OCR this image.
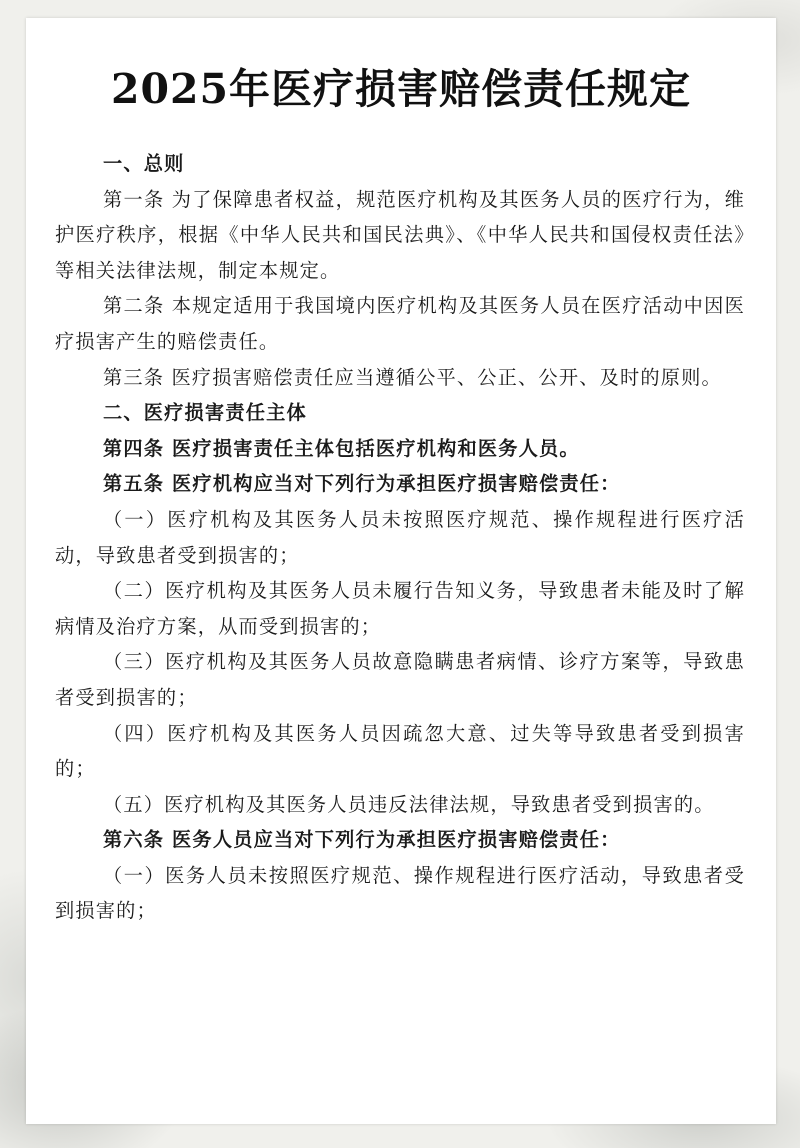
2025年医疗损害赔偿责任规定

一、总则

第一条 为了保障患者权益，规范医疗机构及其医务人员的医疗行为，维护医疗秩序，根据《中华人民共和国民法典》、《中华人民共和国侵权责任法》等相关法律法规，制定本规定。

第二条 本规定适用于我国境内医疗机构及其医务人员在医疗活动中因医疗损害产生的赔偿责任。

第三条 医疗损害赔偿责任应当遵循公平、公正、公开、及时的原则。

二、医疗损害责任主体

第四条 医疗损害责任主体包括医疗机构和医务人员。

第五条 医疗机构应当对下列行为承担医疗损害赔偿责任：

（一）医疗机构及其医务人员未按照医疗规范、操作规程进行医疗活动，导致患者受到损害的；

（二）医疗机构及其医务人员未履行告知义务，导致患者未能及时了解病情及治疗方案，从而受到损害的；

（三）医疗机构及其医务人员故意隐瞒患者病情、诊疗方案等，导致患者受到损害的；

（四）医疗机构及其医务人员因疏忽大意、过失等导致患者受到损害的；

（五）医疗机构及其医务人员违反法律法规，导致患者受到损害的。

第六条 医务人员应当对下列行为承担医疗损害赔偿责任：

（一）医务人员未按照医疗规范、操作规程进行医疗活动，导致患者受到损害的；
